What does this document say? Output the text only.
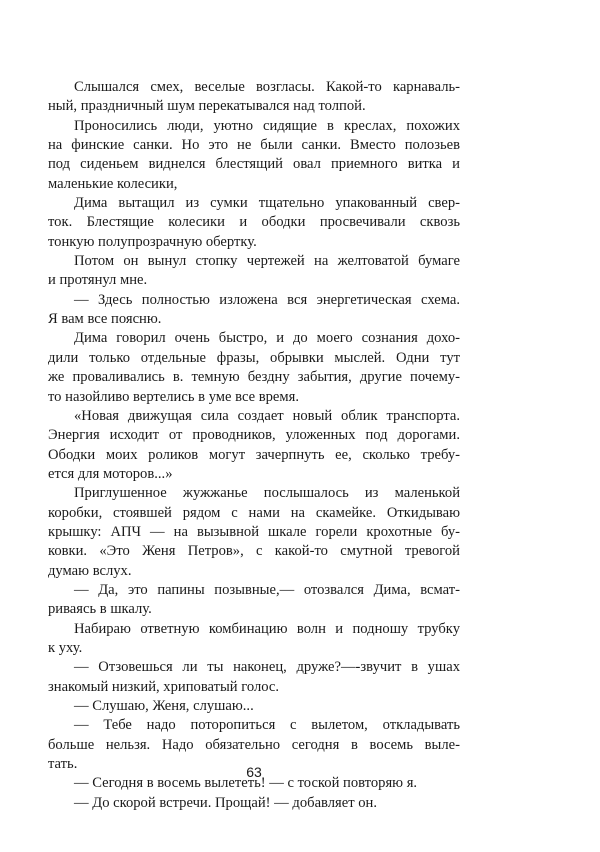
Слышался смех, веселые возгласы. Какой-то карнаваль-
ный, праздничный шум перекатывался над толпой.

Проносились люди, уютно сидящие в креслах, похожих
на финские санки. Но это не были санки. Вместо полозьев
под сиденьем виднелся блестящий овал приемного витка и
маленькие колесики,

Дима вытащил из сумки тщательно упакованный свер-
ток. Блестящие колесики и ободки просвечивали сквозь
тонкую полупрозрачную обертку.

Потом он вынул стопку чертежей на желтоватой бумаге
и протянул мне.

— Здесь полностью изложена вся энергетическая схема.
Я вам все поясню.

Дима говорил очень быстро, и до моего сознания дохо-
дили только отдельные фразы, обрывки мыслей. Одни тут
же проваливались в. темную бездну забытия, другие почему-
то назойливо вертелись в уме все время.

«Новая движущая сила создает новый облик транспорта.
Энергия исходит от проводников, уложенных под дорогами.
Ободки моих роликов могут зачерпнуть ее, сколько требу-
ется для моторов...»

Приглушенное жужжанье послышалось из маленькой
коробки, стоявшей рядом с нами на скамейке. Откидываю
крышку: АПЧ — на вызывной шкале горели крохотные бу-
ковки. «Это Женя Петров», с какой-то смутной тревогой
думаю вслух.

— Да, это папины позывные,— отозвался Дима, всмат-
риваясь в шкалу.

Набираю ответную комбинацию волн и подношу трубку
к уху.

— Отзовешься ли ты наконец, друже?—-звучит в ушах
знакомый низкий, хриповатый голос.

— Слушаю, Женя, слушаю...

— Тебе надо поторопиться с вылетом, откладывать
больше нельзя. Надо обязательно сегодня в восемь выле-
тать.

— Сегодня в восемь вылететь! — с тоской повторяю я.

— До скорой встречи. Прощай! — добавляет он.

63
